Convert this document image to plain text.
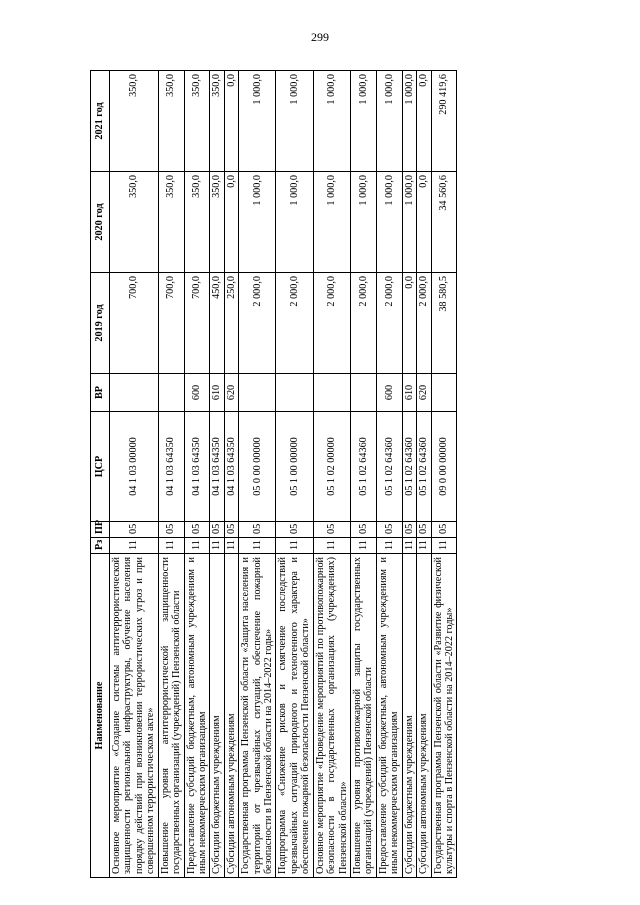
299
Наименование	Рз	ПР	ЦСР	ВР	2019 год	2020 год	2021 год
Основное мероприятие «Создание системы антитеррористической защищенности региональной инфраструктуры, обучение населения порядку действий при возникновении террористических угроз и при совершенном террористическом акте»	11	05	04 1 03 00000		700,0	350,0	350,0
Повышение уровня антитеррористической защищенности государственных организаций (учреждений) Пензенской области	11	05	04 1 03 64350		700,0	350,0	350,0
Предоставление субсидий бюджетным, автономным учреждениям и иным некоммерческим организациям	11	05	04 1 03 64350	600	700,0	350,0	350,0
Субсидии бюджетным учреждениям	11	05	04 1 03 64350	610	450,0	350,0	350,0
Субсидии автономным учреждениям	11	05	04 1 03 64350	620	250,0	0,0	0,0
Государственная программа Пензенской области «Защита населения и территорий от чрезвычайных ситуаций, обеспечение пожарной безопасности в Пензенской области на 2014–2022 годы»	11	05	05 0 00 00000		2 000,0	1 000,0	1 000,0
Подпрограмма «Снижение рисков и смягчение последствий чрезвычайных ситуаций природного и техногенного характера и обеспечение пожарной безопасности Пензенской области»	11	05	05 1 00 00000		2 000,0	1 000,0	1 000,0
Основное мероприятие «Проведение мероприятий по противопожарной безопасности в государственных организациях (учреждениях) Пензенской области»	11	05	05 1 02 00000		2 000,0	1 000,0	1 000,0
Повышение уровня противопожарной защиты государственных организаций (учреждений) Пензенской области	11	05	05 1 02 64360		2 000,0	1 000,0	1 000,0
Предоставление субсидий бюджетным, автономным учреждениям и иным некоммерческим организациям	11	05	05 1 02 64360	600	2 000,0	1 000,0	1 000,0
Субсидии бюджетным учреждениям	11	05	05 1 02 64360	610	0,0	1 000,0	1 000,0
Субсидии автономным учреждениям	11	05	05 1 02 64360	620	2 000,0	0,0	0,0
Государственная программа Пензенской области «Развитие физической культуры и спорта в Пензенской области на 2014–2022 годы»	11	05	09 0 00 00000		38 580,5	34 560,6	290 419,6
